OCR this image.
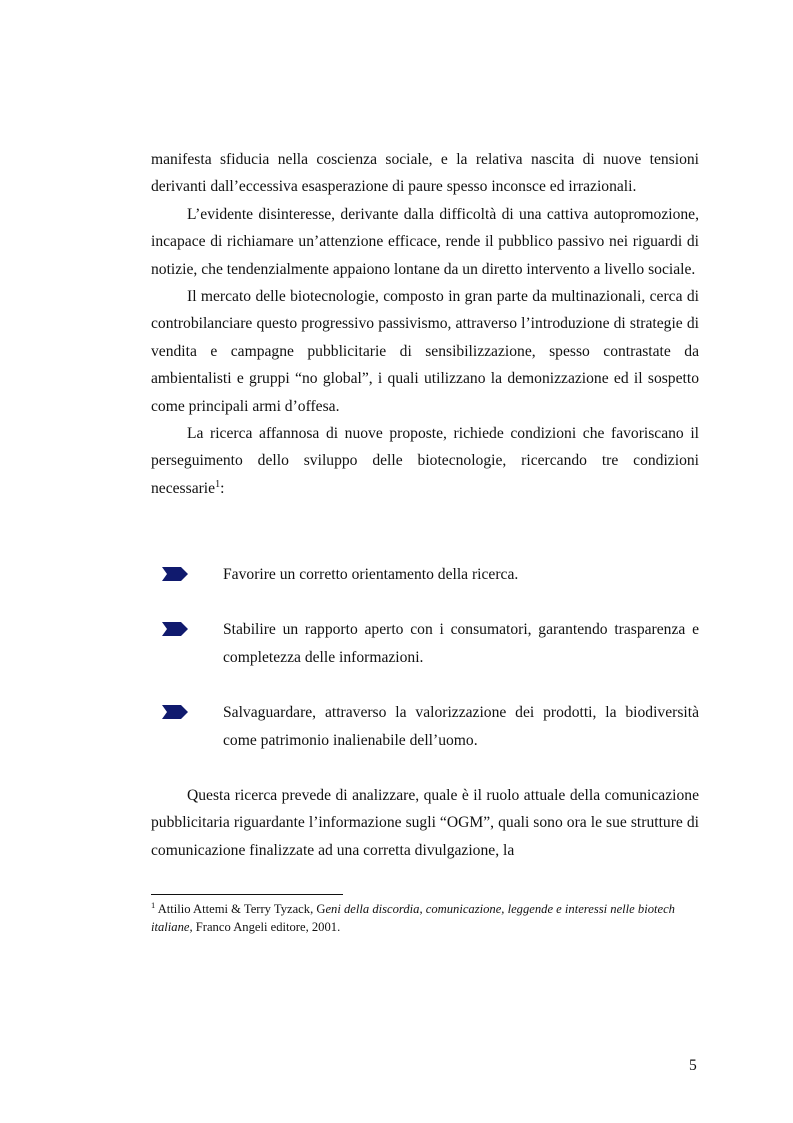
manifesta sfiducia nella coscienza sociale, e la relativa nascita di nuove tensioni derivanti dall’eccessiva esasperazione di paure spesso inconsce ed irrazionali.

L’evidente disinteresse, derivante dalla difficoltà di una cattiva autopromozione, incapace di richiamare un’attenzione efficace, rende il pubblico passivo nei riguardi di notizie, che tendenzialmente appaiono lontane da un diretto intervento a livello sociale.

Il mercato delle biotecnologie, composto in gran parte da multinazionali, cerca di controbilanciare questo progressivo passivismo, attraverso l’introduzione di strategie di vendita e campagne pubblicitarie di sensibilizzazione, spesso contrastate da ambientalisti e gruppi “no global”, i quali utilizzano la demonizzazione ed il sospetto come principali armi d’offesa.

La ricerca affannosa di nuove proposte, richiede condizioni che favoriscano il perseguimento dello sviluppo delle biotecnologie, ricercando tre condizioni necessarie$^1$:

Favorire un corretto orientamento della ricerca.
Stabilire un rapporto aperto con i consumatori, garantendo trasparenza e completezza delle informazioni.
Salvaguardare, attraverso la valorizzazione dei prodotti, la biodiversità come patrimonio inalienabile dell’uomo.

Questa ricerca prevede di analizzare, quale è il ruolo attuale della comunicazione pubblicitaria riguardante l’informazione sugli “OGM”, quali sono ora le sue strutture di comunicazione finalizzate ad una corretta divulgazione, la

$^1$ Attilio Attemi & Terry Tyzack, Geni della discordia, comunicazione, leggende e interessi nelle biotech italiane, Franco Angeli editore, 2001.
5
